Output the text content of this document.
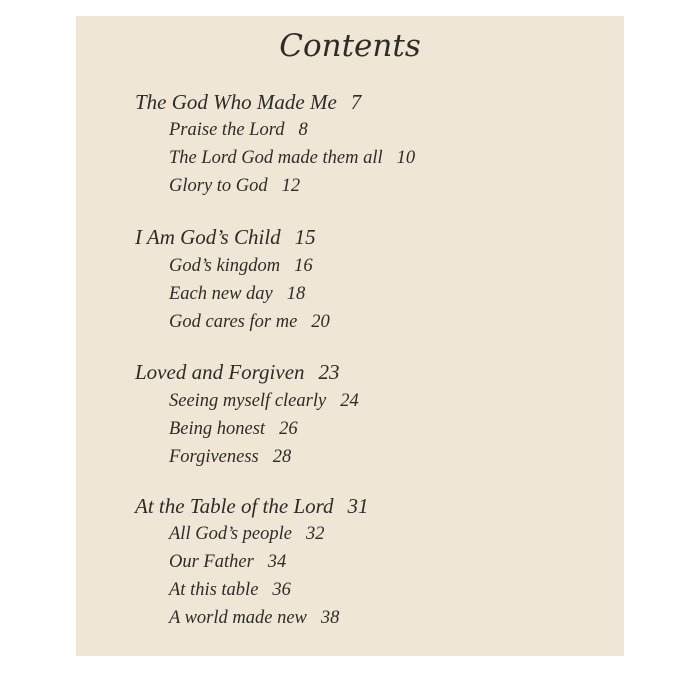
Contents
The God Who Made Me 7
Praise the Lord 8
The Lord God made them all 10
Glory to God 12
I Am God’s Child 15
God’s kingdom 16
Each new day 18
God cares for me 20
Loved and Forgiven 23
Seeing myself clearly 24
Being honest 26
Forgiveness 28
At the Table of the Lord 31
All God’s people 32
Our Father 34
At this table 36
A world made new 38
